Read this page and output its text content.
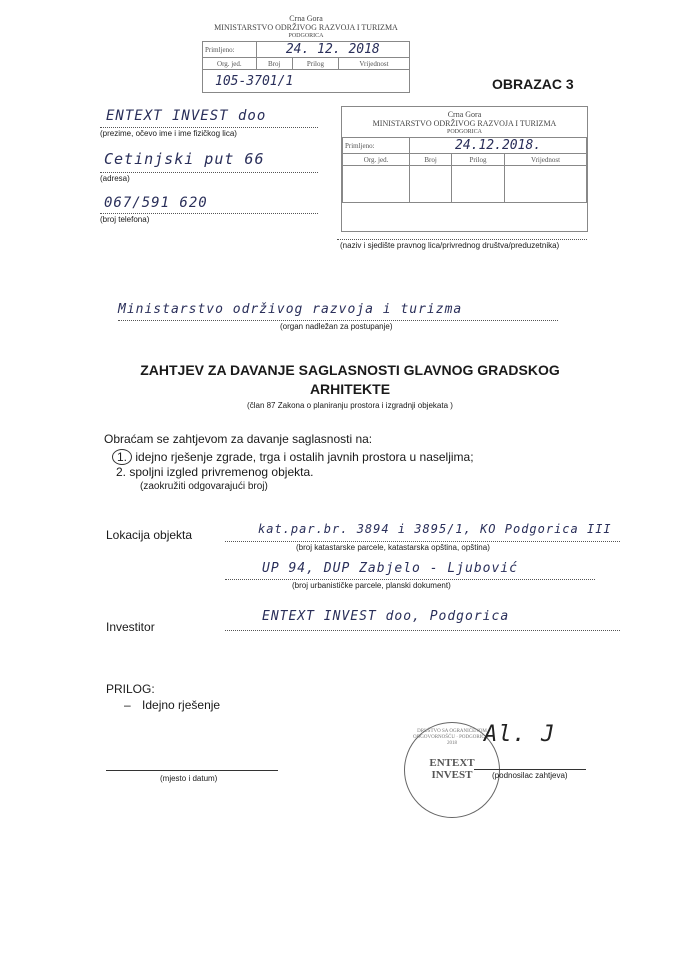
Crna Gora
MINISTARSTVO ODRŽIVOG RAZVOJA I TURIZMA
PODGORICA
Primljeno:	24. 12. 2018		
Org. jed.	Broj	Prilog	Vrijednost
105-3701/1				OBRAZAC 3
ENTEXT INVEST doo
(prezime, očevo ime i ime fizičkog lica)
Cetinjski put 66
(adresa)
067/591 620
(broj telefona)
Crna Gora
MINISTARSTVO ODRŽIVOG RAZVOJA I TURIZMA
PODGORICA
Primljeno:	24.12.2018.		
Org. jed.	Broj	Prilog	Vrijednost

(naziv i sjedište pravnog lica/privrednog društva/preduzetnika)
Ministarstvo održivog razvoja i turizma
(organ nadležan za postupanje)
ZAHTJEV ZA DAVANJE SAGLASNOSTI GLAVNOG GRADSKOG
ARHITEKTE
(član 87 Zakona o planiranju prostora i izgradnji objekata )
Obraćam se zahtjevom za davanje saglasnosti na:
1. idejno rješenje zgrade, trga i ostalih javnih prostora u naseljima;
2. spoljni izgled privremenog objekta.
(zaokružiti odgovarajući broj)
Lokacija objekta	kat.par.br. 3894 i 3895/1, KO Podgorica III
(broj katastarske parcele, katastarska opština, opština)
UP 94, DUP Zabjelo - Ljubović
(broj urbanističke parcele, planski dokument)
Investitor
ENTEXT INVEST doo, Podgorica
PRILOG:
– Idejno rješenje
(mjesto i datum)
DRUŠTVO SA OGRANIČENOM ODGOVORNOŠĆU · PODGORICA · 2018
ENTEXT
INVEST
Al. J
(podnosilac zahtjeva)
